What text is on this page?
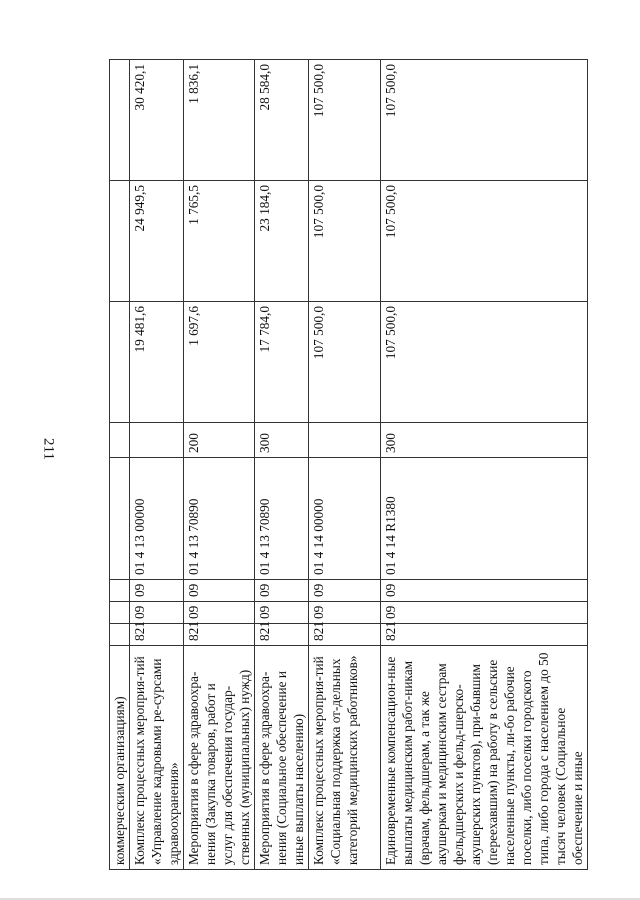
211
коммерческим организациям)								
Комплекс процессных мероприя-тий «Управление кадровыми ре-сурсами здравоохранения»	821	09	09	01 4 13 00000		19 481,6	24 949,5	30 420,1
Мероприятия в сфере здравоохра-нения (Закупка товаров, работ и услуг для обеспечения государ-ственных (муниципальных) нужд)	821	09	09	01 4 13 70890	200	1 697,6	1 765,5	1 836,1
Мероприятия в сфере здравоохра-нения (Социальное обеспечение и иные выплаты населению)	821	09	09	01 4 13 70890	300	17 784,0	23 184,0	28 584,0
Комплекс процессных мероприя-тий «Социальная поддержка от-дельных категорий медицинских работников»	821	09	09	01 4 14 00000		107 500,0	107 500,0	107 500,0
Единовременные компенсацион-ные выплаты медицинским работ-никам (врачам, фельдшерам, а так же акушеркам и медицинским сестрам фельдшерских и фельд-шерско-акушерских пунктов), при-бывшим (переехавшим) на работу в сельские населенные пункты, ли-бо рабочие поселки, либо поселки городского типа, либо города с населением до 50 тысяч человек (Социальное обеспечение и иные	821	09	09	01 4 14 R1380	300	107 500,0	107 500,0	107 500,0
